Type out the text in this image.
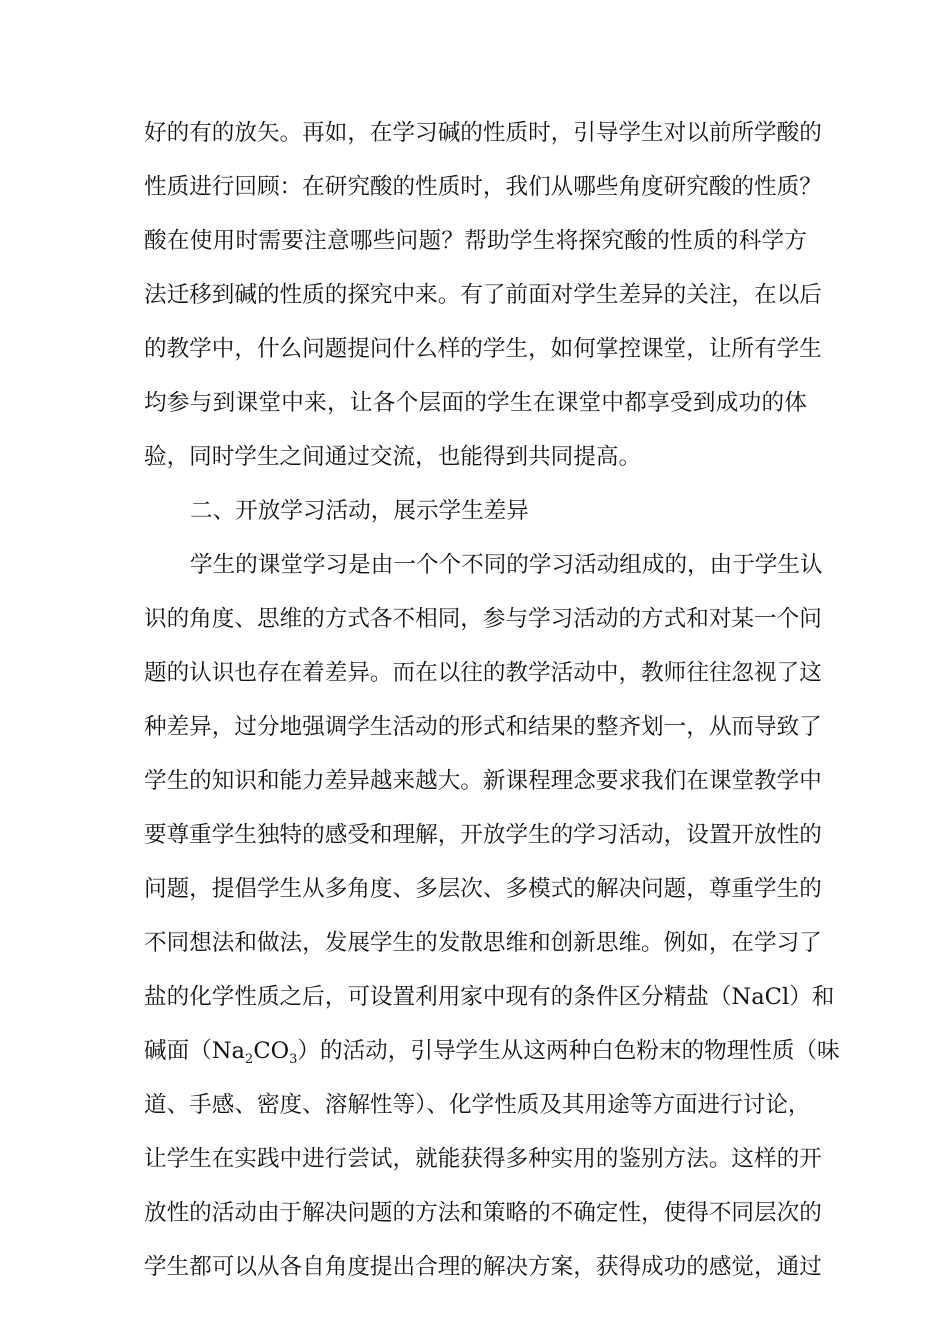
好的有的放矢。再如，在学习碱的性质时，引导学生对以前所学酸的
性质进行回顾：在研究酸的性质时，我们从哪些角度研究酸的性质？
酸在使用时需要注意哪些问题？帮助学生将探究酸的性质的科学方
法迁移到碱的性质的探究中来。有了前面对学生差异的关注，在以后
的教学中，什么问题提问什么样的学生，如何掌控课堂，让所有学生
均参与到课堂中来，让各个层面的学生在课堂中都享受到成功的体
验，同时学生之间通过交流，也能得到共同提高。
二、开放学习活动，展示学生差异
学生的课堂学习是由一个个不同的学习活动组成的，由于学生认
识的角度、思维的方式各不相同，参与学习活动的方式和对某一个问
题的认识也存在着差异。而在以往的教学活动中，教师往往忽视了这
种差异，过分地强调学生活动的形式和结果的整齐划一，从而导致了
学生的知识和能力差异越来越大。新课程理念要求我们在课堂教学中
要尊重学生独特的感受和理解，开放学生的学习活动，设置开放性的
问题，提倡学生从多角度、多层次、多模式的解决问题，尊重学生的
不同想法和做法，发展学生的发散思维和创新思维。例如，在学习了
盐的化学性质之后，可设置利用家中现有的条件区分精盐（NaCl）和
碱面$(Na_2CO_3)$的活动，引导学生从这两种白色粉末的物理性质（味
道、手感、密度、溶解性等）、化学性质及其用途等方面进行讨论，
让学生在实践中进行尝试，就能获得多种实用的鉴别方法。这样的开
放性的活动由于解决问题的方法和策略的不确定性，使得不同层次的
学生都可以从各自角度提出合理的解决方案，获得成功的感觉，通过
